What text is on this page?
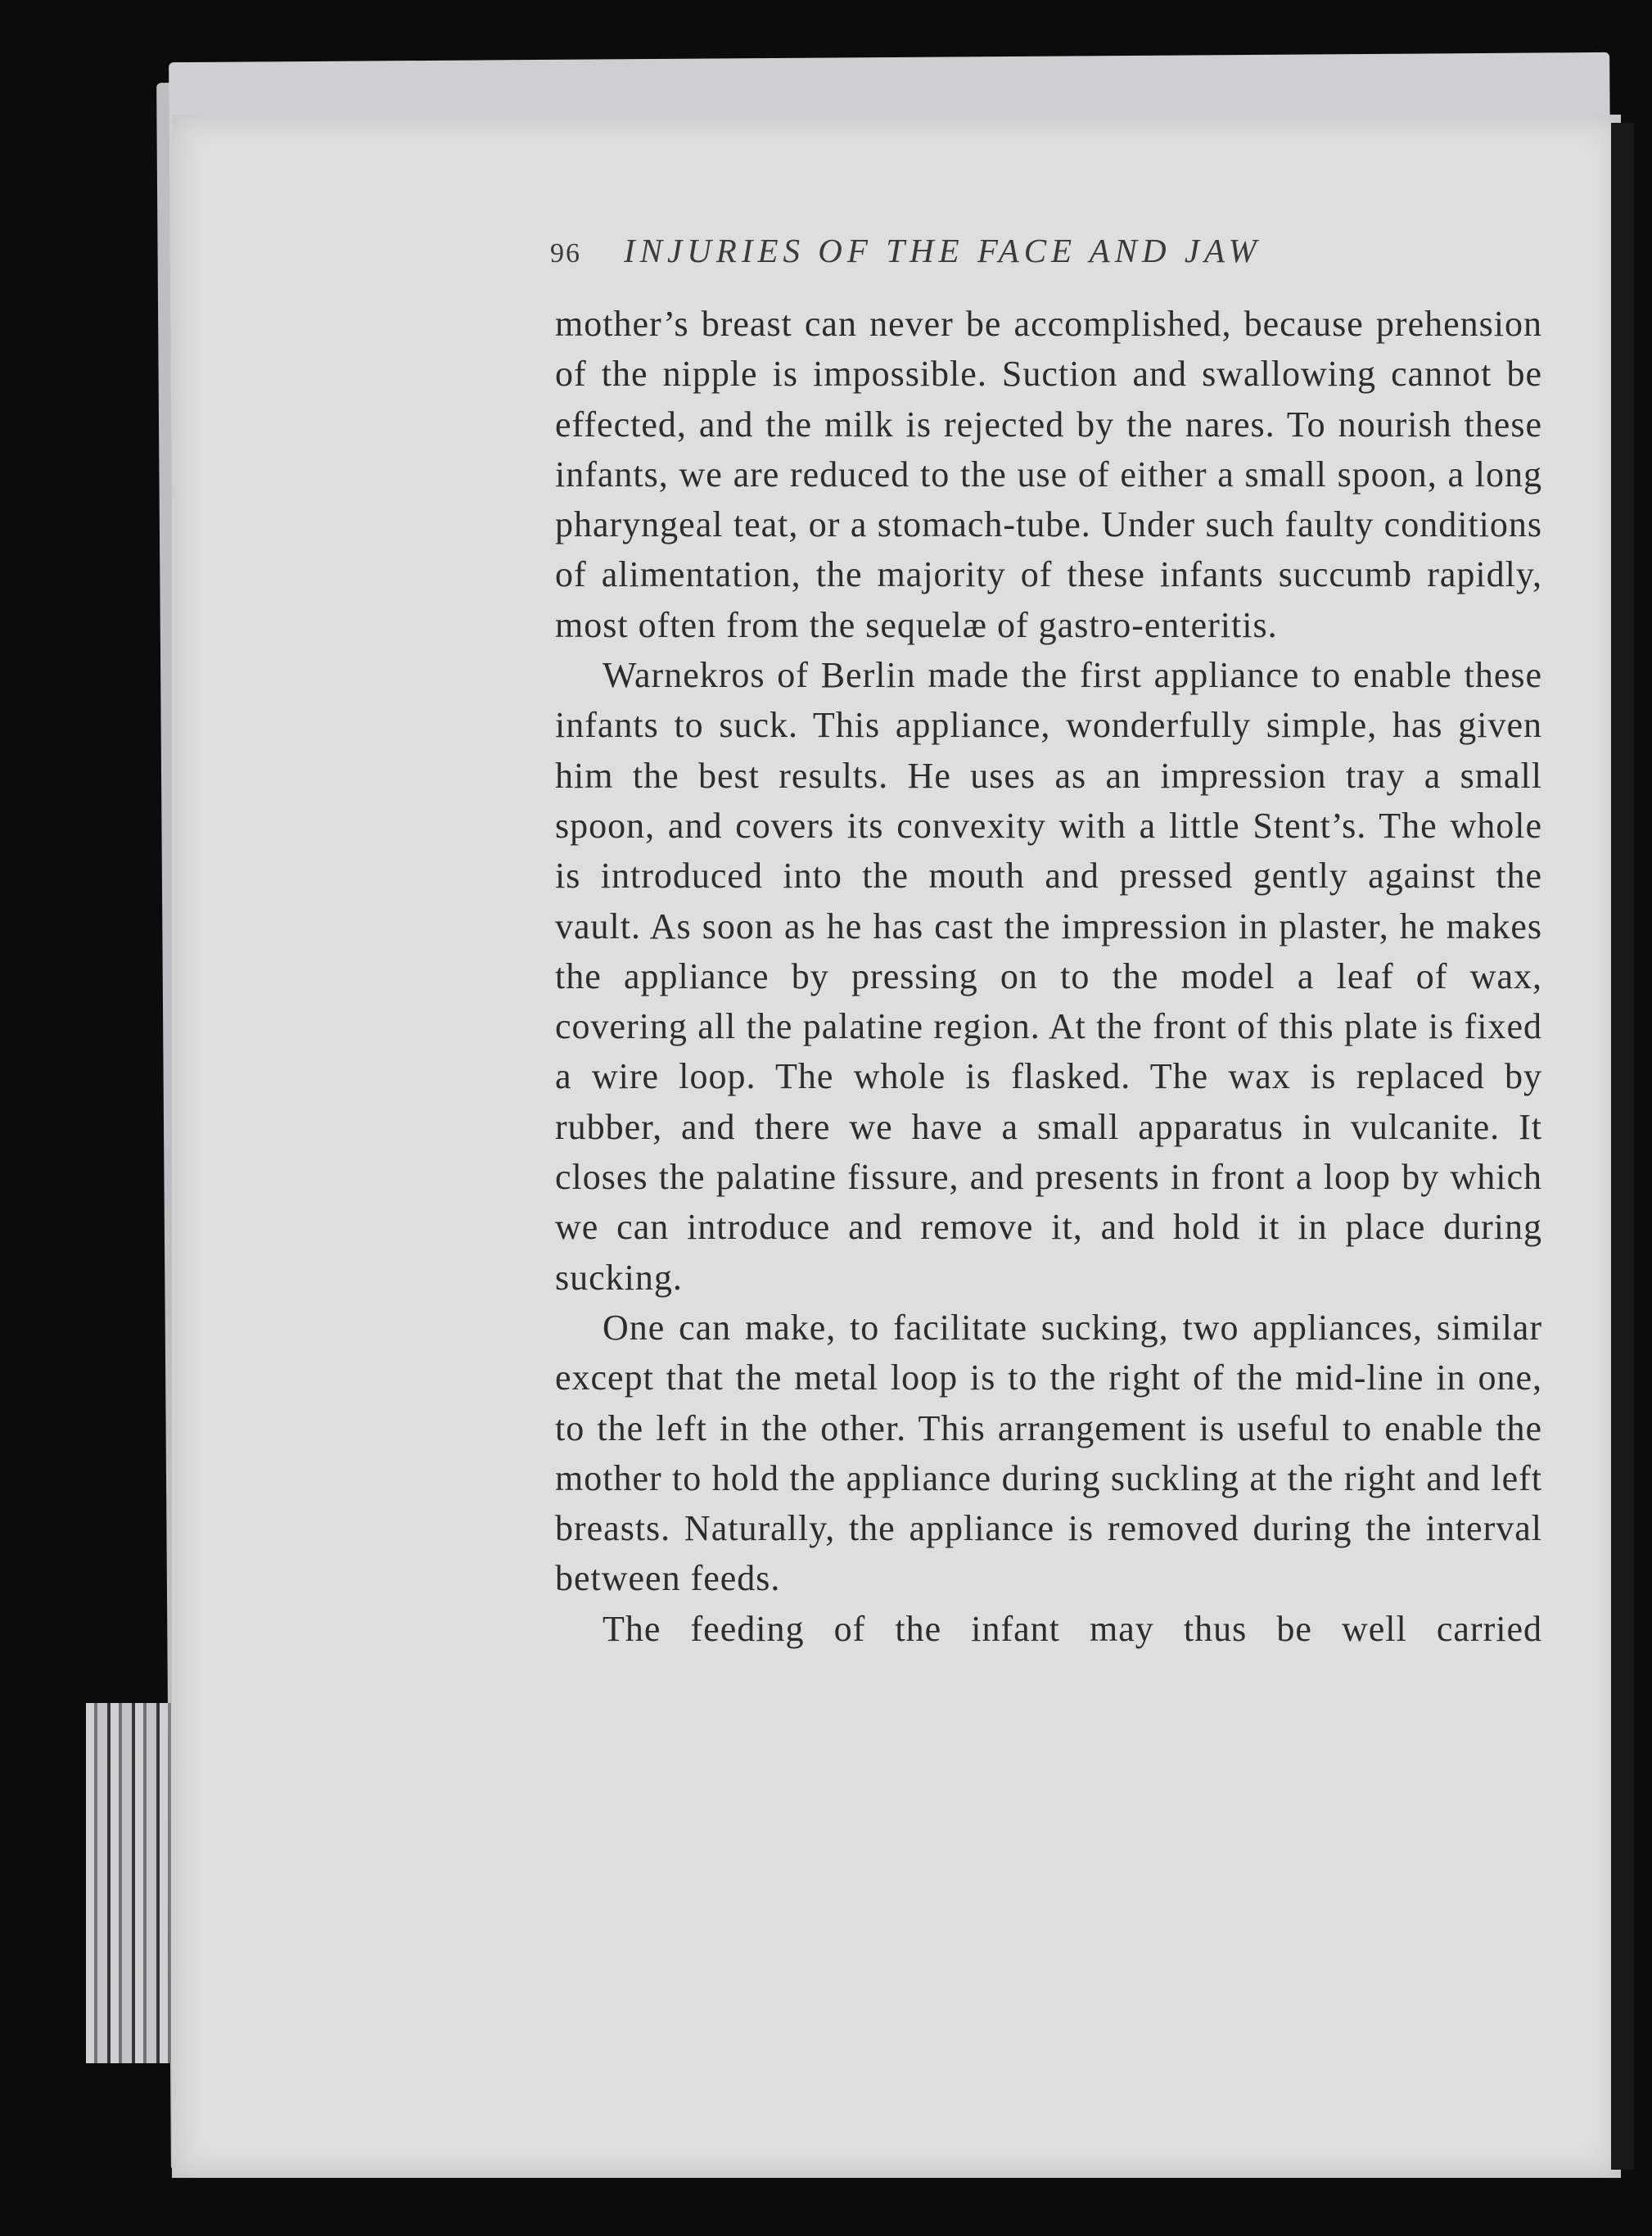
96 INJURIES OF THE FACE AND JAW

mother’s breast can never be accomplished, because prehension of the nipple is impossible. Suction and swallowing cannot be effected, and the milk is rejected by the nares. To nourish these infants, we are reduced to the use of either a small spoon, a long pharyngeal teat, or a stomach-tube. Under such faulty conditions of alimentation, the majority of these infants succumb rapidly, most often from the sequelæ of gastro-enteritis.

Warnekros of Berlin made the first appliance to enable these infants to suck. This appliance, wonderfully simple, has given him the best results. He uses as an impression tray a small spoon, and covers its convexity with a little Stent’s. The whole is introduced into the mouth and pressed gently against the vault. As soon as he has cast the impression in plaster, he makes the appliance by pressing on to the model a leaf of wax, covering all the palatine region. At the front of this plate is fixed a wire loop. The whole is flasked. The wax is replaced by rubber, and there we have a small apparatus in vulcanite. It closes the palatine fissure, and presents in front a loop by which we can introduce and remove it, and hold it in place during sucking.

One can make, to facilitate sucking, two appliances, similar except that the metal loop is to the right of the mid-line in one, to the left in the other. This arrangement is useful to enable the mother to hold the appliance during suckling at the right and left breasts. Naturally, the appliance is removed during the interval between feeds.

The feeding of the infant may thus be well carried
